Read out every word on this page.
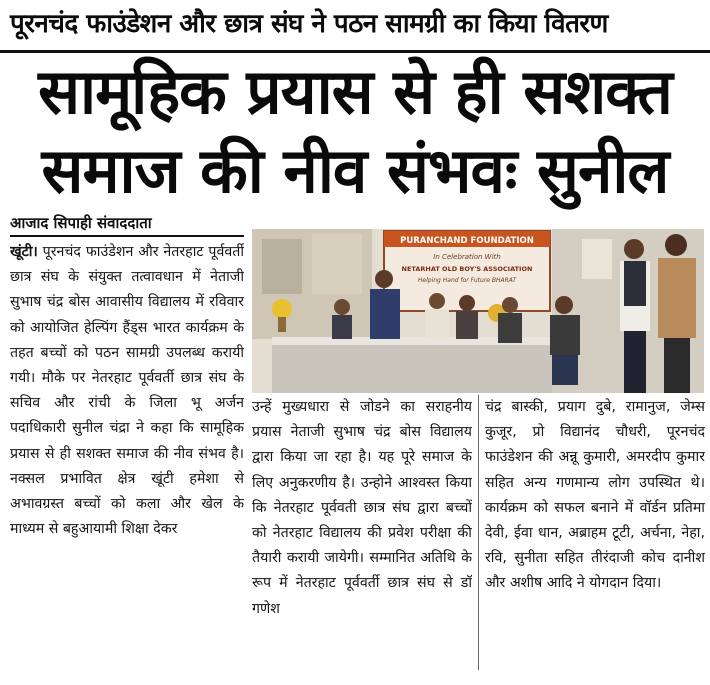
पूरनचंद फाउंडेशन और छात्र संघ ने पठन सामग्री का किया वितरण
सामूहिक प्रयास से ही सशक्त
समाज की नीव संभवः सुनील
आजाद सिपाही संवाददाता
खूंटी। पूरनचंद फाउंडेशन और नेतरहाट पूर्ववर्ती छात्र संघ के संयुक्त तत्वावधान में नेताजी सुभाष चंद्र बोस आवासीय विद्यालय में रविवार को आयोजित हेल्पिंग हैंड्स भारत कार्यक्रम के तहत बच्चों को पठन सामग्री उपलब्ध करायी गयी। मौके पर नेतरहाट पूर्ववर्ती छात्र संघ के सचिव और रांची के जिला भू अर्जन पदाधिकारी सुनील चंद्रा ने कहा कि सामूहिक प्रयास से ही सशक्त समाज की नीव संभव है। नक्सल प्रभावित क्षेत्र खूंटी हमेशा से अभावग्रस्त बच्चों को कला और खेल के माध्यम से बहुआयामी शिक्षा देकर
उन्हें मुख्यधारा से जोडने का सराहनीय प्रयास नेताजी सुभाष चंद्र बोस विद्यालय द्वारा किया जा रहा है। यह पूरे समाज के लिए अनुकरणीय है। उन्होने आश्वस्त किया कि नेतरहाट पूर्ववती छात्र संघ द्वारा बच्चों को नेतरहाट विद्यालय की प्रवेश परीक्षा की तैयारी करायी जायेगी। सम्मानित अतिथि के रूप में नेतरहाट पूर्ववर्ती छात्र संघ से डॉ गणेश
चंद्र बास्की, प्रयाग दुबे, रामानुज, जेम्स कुजूर, प्रो विद्यानंद चौधरी, पूरनचंद फाउंडेशन की अन्नू कुमारी, अमरदीप कुमार सहित अन्य गणमान्य लोग उपस्थित थे। कार्यक्रम को सफल बनाने में वॉर्डन प्रतिमा देवी, ईवा धान, अब्राहम टूटी, अर्चना, नेहा, रवि, सुनीता सहित तीरंदाजी कोच दानीश और अशीष आदि ने योगदान दिया।
PURANCHAND FOUNDATION
In Celebration With
NETARHAT OLD BOY'S ASSOCIATION
Helping Hand for Future BHARAT
